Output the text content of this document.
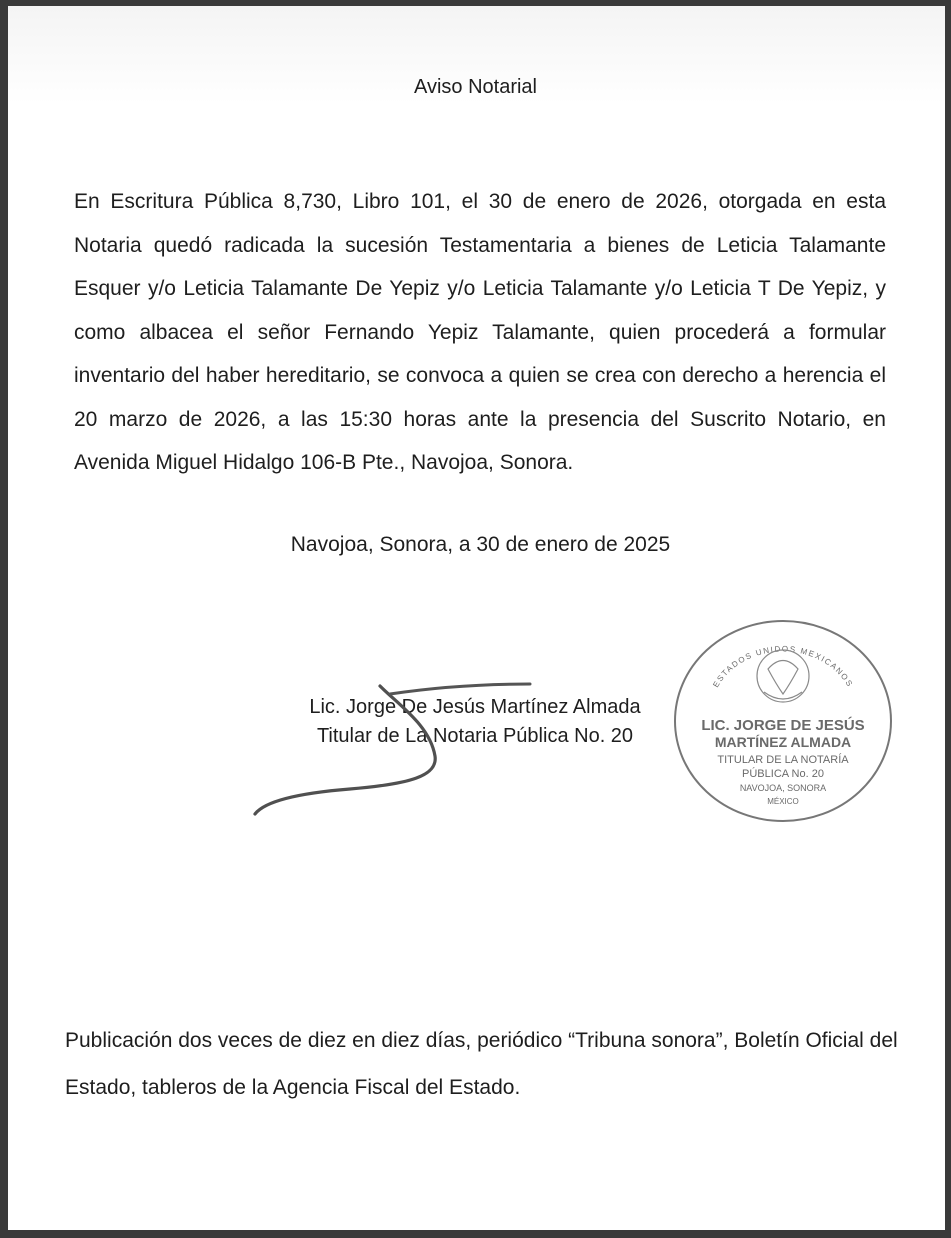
Aviso Notarial

En Escritura Pública 8,730, Libro 101, el 30 de enero de 2026, otorgada en esta Notaria quedó radicada la sucesión Testamentaria a bienes de Leticia Talamante Esquer y/o Leticia Talamante De Yepiz y/o Leticia Talamante y/o Leticia T De Yepiz, y como albacea el señor Fernando Yepiz Talamante, quien procederá a formular inventario del haber hereditario, se convoca a quien se crea con derecho a herencia el 20 marzo de 2026, a las 15:30 horas ante la presencia del Suscrito Notario, en Avenida Miguel Hidalgo 106-B Pte., Navojoa, Sonora.

Navojoa, Sonora, a 30 de enero de 2025
Lic. Jorge De Jesús Martínez Almada
Titular de La Notaria Pública No. 20
ESTADOS UNIDOS MEXICANOS
LIC. JORGE DE JESÚS
MARTÍNEZ ALMADA
TITULAR DE LA NOTARÍA
PÚBLICA No. 20
NAVOJOA, SONORA
MÉXICO

Publicación dos veces de diez en diez días, periódico “Tribuna sonora”, Boletín Oficial del Estado, tableros de la Agencia Fiscal del Estado.
